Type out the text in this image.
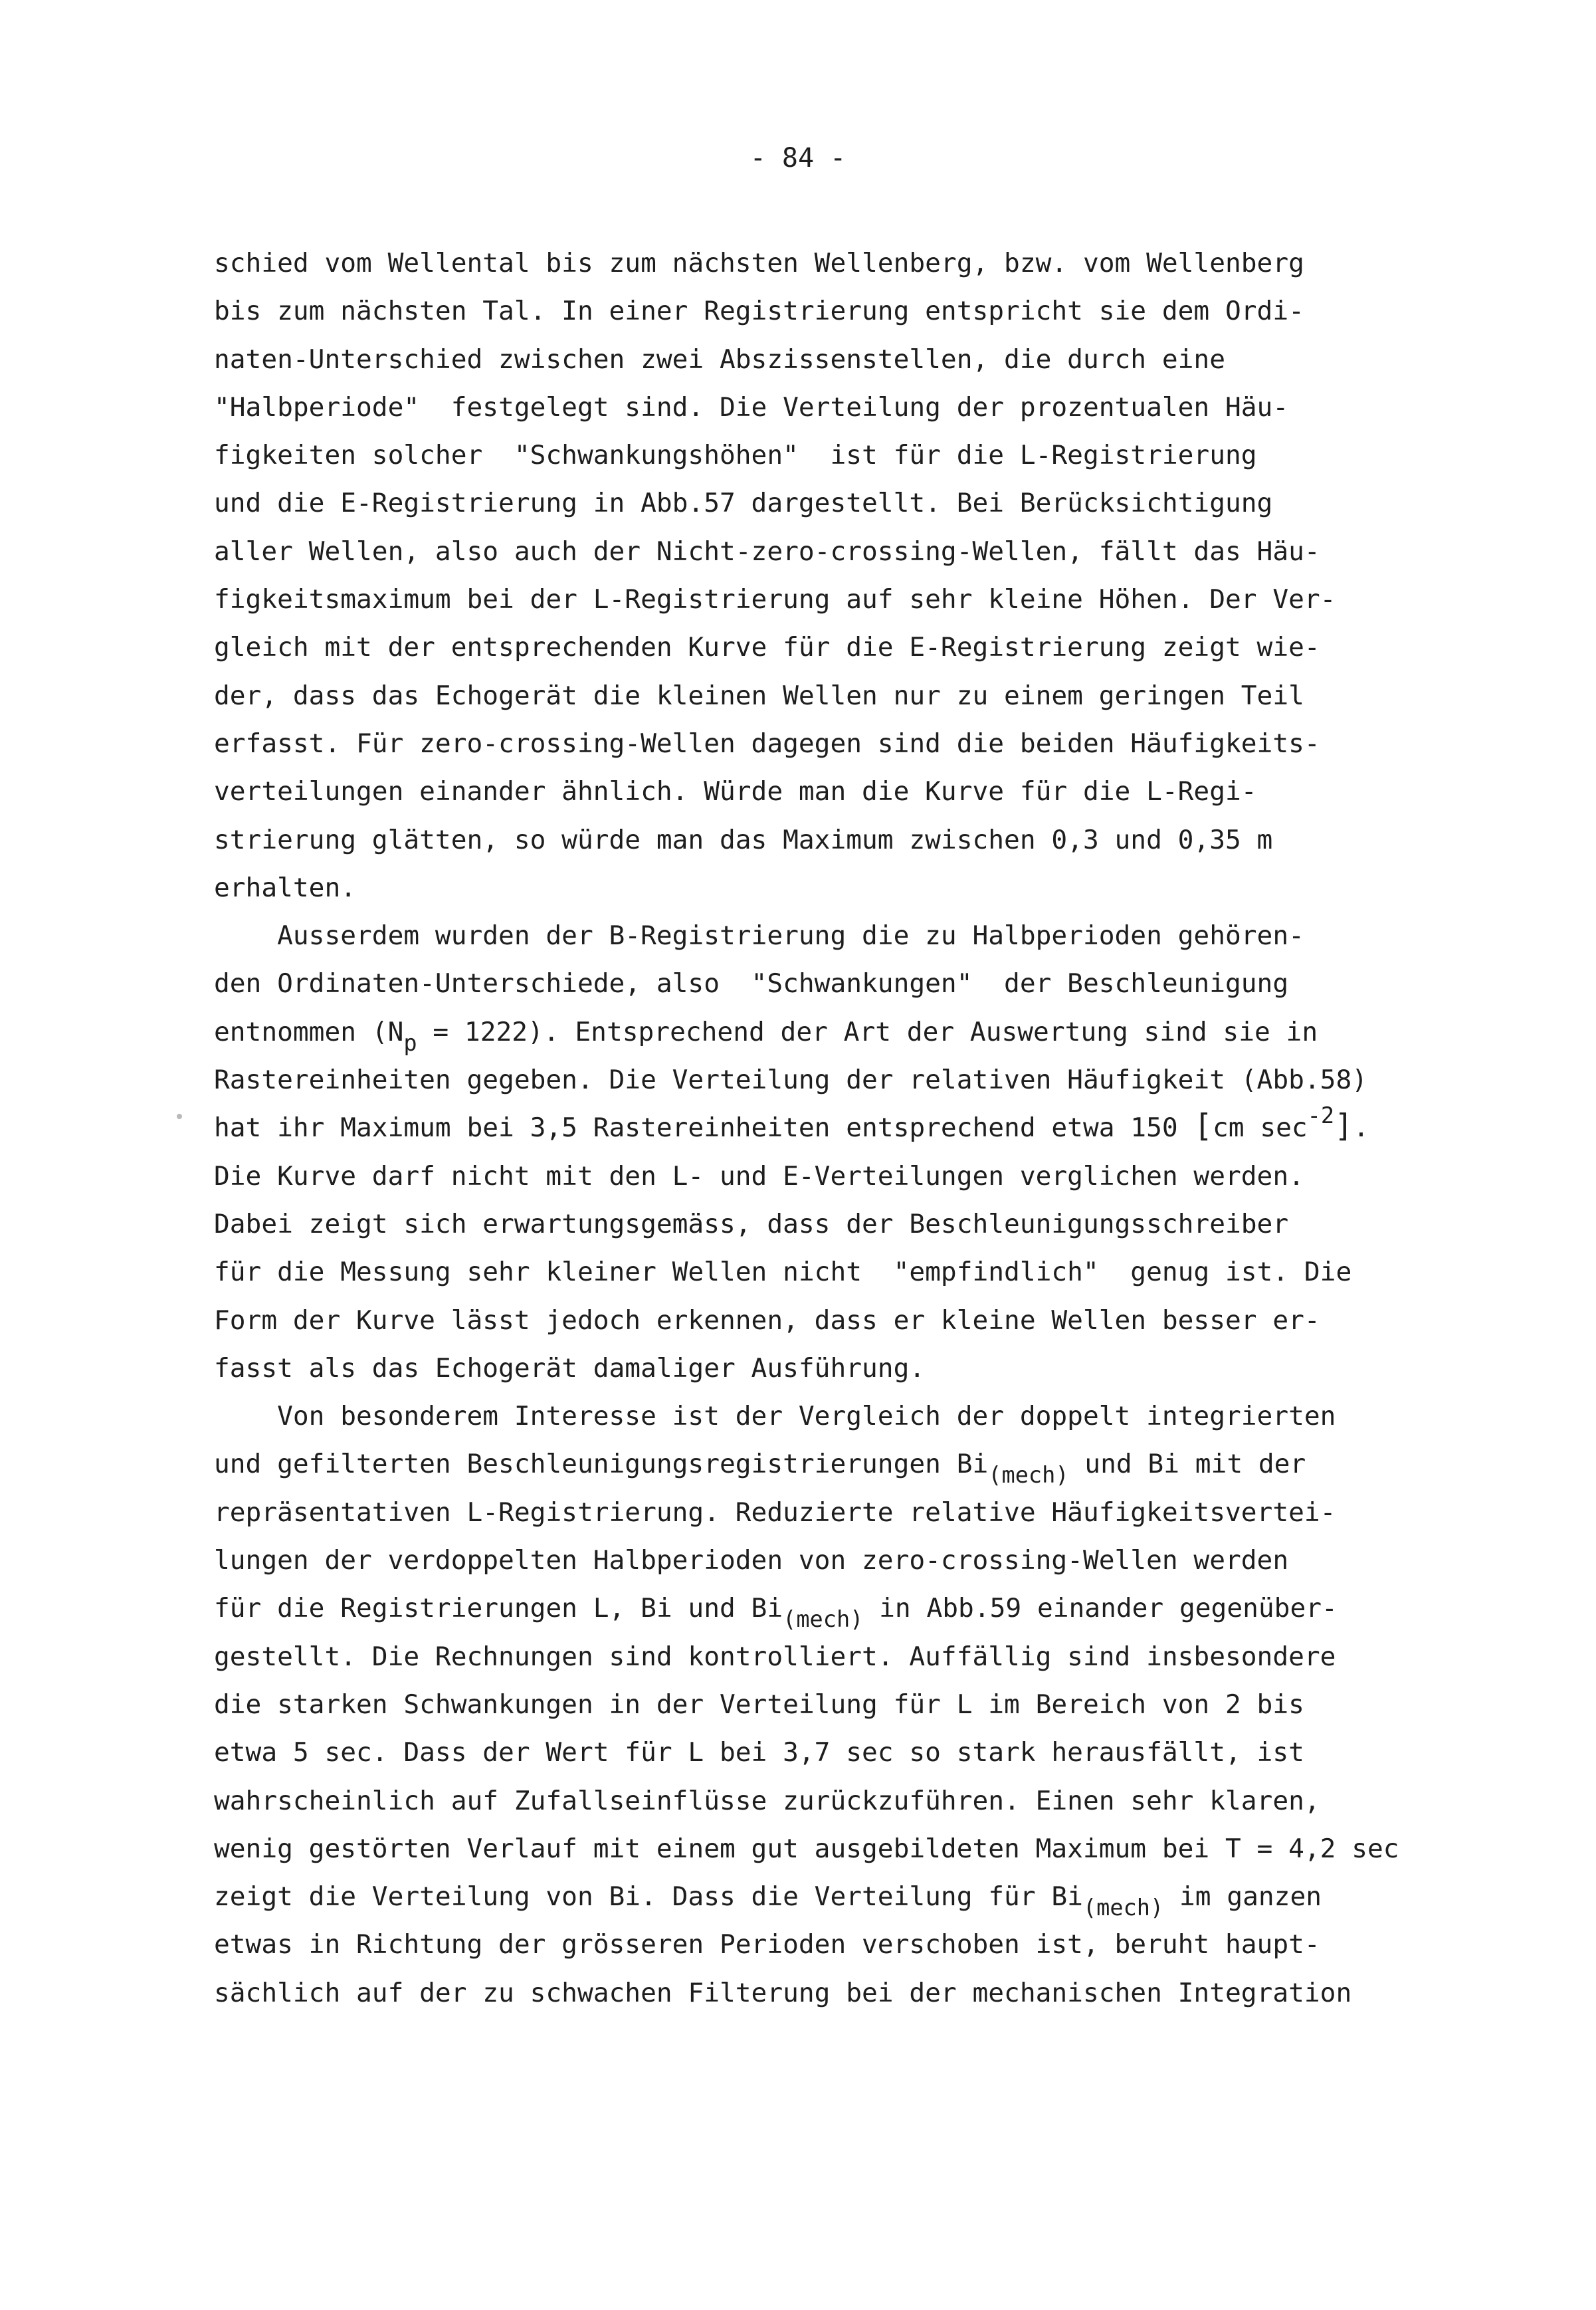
- 84 -
schied vom Wellental bis zum nächsten Wellenberg, bzw. vom Wellenberg
bis zum nächsten Tal. In einer Registrierung entspricht sie dem Ordi-
naten-Unterschied zwischen zwei Abszissenstellen, die durch eine
"Halbperiode"  festgelegt sind. Die Verteilung der prozentualen Häu-
figkeiten solcher  "Schwankungshöhen"  ist für die L-Registrierung
und die E-Registrierung in Abb.57 dargestellt. Bei Berücksichtigung
aller Wellen, also auch der Nicht-zero-crossing-Wellen, fällt das Häu-
figkeitsmaximum bei der L-Registrierung auf sehr kleine Höhen. Der Ver-
gleich mit der entsprechenden Kurve für die E-Registrierung zeigt wie-
der, dass das Echogerät die kleinen Wellen nur zu einem geringen Teil
erfasst. Für zero-crossing-Wellen dagegen sind die beiden Häufigkeits-
verteilungen einander ähnlich. Würde man die Kurve für die L-Regi-
strierung glätten, so würde man das Maximum zwischen 0,3 und 0,35 m
erhalten.
Ausserdem wurden der B-Registrierung die zu Halbperioden gehören-
den Ordinaten-Unterschiede, also  "Schwankungen"  der Beschleunigung
entnommen $(N_p = 1222)$. Entsprechend der Art der Auswertung sind sie in
Rastereinheiten gegeben. Die Verteilung der relativen Häufigkeit (Abb.58)
hat ihr Maximum bei 3,5 Rastereinheiten entsprechend etwa 150 [cm $\sec^{-2}$].
Die Kurve darf nicht mit den L- und E-Verteilungen verglichen werden.
Dabei zeigt sich erwartungsgemäss, dass der Beschleunigungsschreiber
für die Messung sehr kleiner Wellen nicht  "empfindlich"  genug ist. Die
Form der Kurve lässt jedoch erkennen, dass er kleine Wellen besser er-
fasst als das Echogerät damaliger Ausführung.
Von besonderem Interesse ist der Vergleich der doppelt integrierten
und gefilterten Beschleunigungsregistrierungen $Bi_{(mech)}$ und Bi mit der
repräsentativen L-Registrierung. Reduzierte relative Häufigkeitsvertei-
lungen der verdoppelten Halbperioden von zero-crossing-Wellen werden
für die Registrierungen L, Bi und $Bi_{(mech)}$ in Abb.59 einander gegenüber-
gestellt. Die Rechnungen sind kontrolliert. Auffällig sind insbesondere
die starken Schwankungen in der Verteilung für L im Bereich von 2 bis
etwa 5 sec. Dass der Wert für L bei 3,7 sec so stark herausfällt, ist
wahrscheinlich auf Zufallseinflüsse zurückzuführen. Einen sehr klaren,
wenig gestörten Verlauf mit einem gut ausgebildeten Maximum bei T = 4,2 sec
zeigt die Verteilung von Bi. Dass die Verteilung für $Bi_{(mech)}$ im ganzen
etwas in Richtung der grösseren Perioden verschoben ist, beruht haupt-
sächlich auf der zu schwachen Filterung bei der mechanischen Integration
